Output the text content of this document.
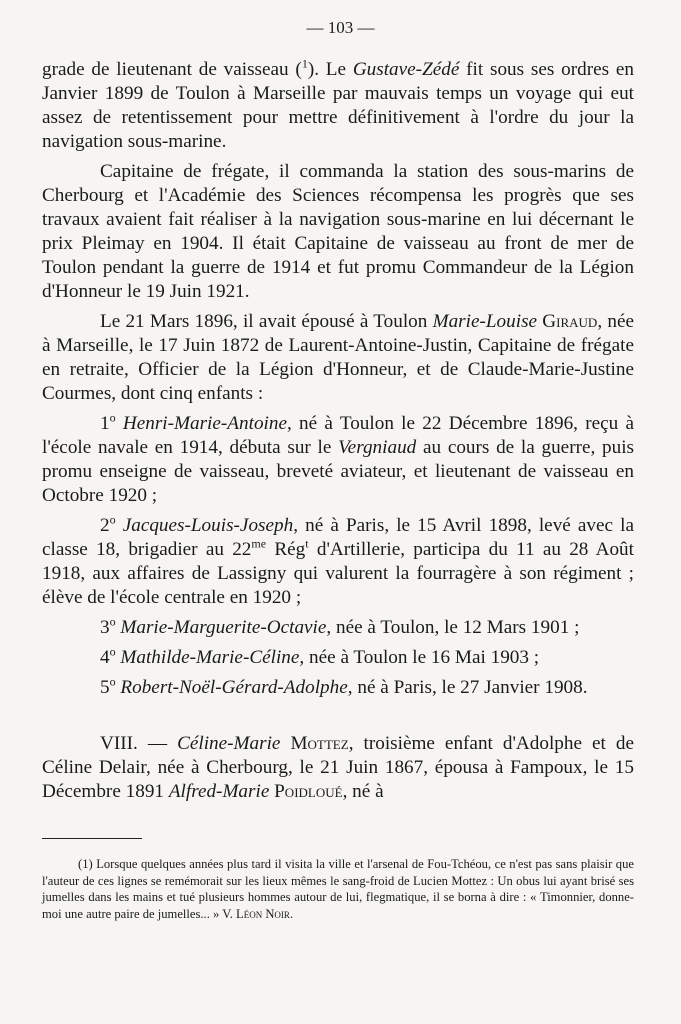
— 103 —

grade de lieutenant de vaisseau ($^1$). Le Gustave-Zédé fit sous ses ordres en Janvier 1899 de Toulon à Marseille par mauvais temps un voyage qui eut assez de retentissement pour mettre définitivement à l'ordre du jour la navigation sous-marine.

Capitaine de frégate, il commanda la station des sous-marins de Cherbourg et l'Académie des Sciences récompensa les progrès que ses travaux avaient fait réaliser à la navigation sous-marine en lui décernant le prix Pleimay en 1904. Il était Capitaine de vaisseau au front de mer de Toulon pendant la guerre de 1914 et fut promu Commandeur de la Légion d'Honneur le 19 Juin 1921.

Le 21 Mars 1896, il avait épousé à Toulon Marie-Louise Giraud, née à Marseille, le 17 Juin 1872 de Laurent-Antoine-Justin, Capitaine de frégate en retraite, Officier de la Légion d'Honneur, et de Claude-Marie-Justine Courmes, dont cinq enfants :

1$^o$ Henri-Marie-Antoine, né à Toulon le 22 Décembre 1896, reçu à l'école navale en 1914, débuta sur le Vergniaud au cours de la guerre, puis promu enseigne de vaisseau, breveté aviateur, et lieutenant de vaisseau en Octobre 1920 ;

2$^o$ Jacques-Louis-Joseph, né à Paris, le 15 Avril 1898, levé avec la classe 18, brigadier au $22^{me}$ Rég$^t$ d'Artillerie, participa du 11 au 28 Août 1918, aux affaires de Lassigny qui valurent la fourragère à son régiment ; élève de l'école centrale en 1920 ;

3$^o$ Marie-Marguerite-Octavie, née à Toulon, le 12 Mars 1901 ;

4$^o$ Mathilde-Marie-Céline, née à Toulon le 16 Mai 1903 ;

5$^o$ Robert-Noël-Gérard-Adolphe, né à Paris, le 27 Janvier 1908.

VIII. — Céline-Marie Mottez, troisième enfant d'Adolphe et de Céline Delair, née à Cherbourg, le 21 Juin 1867, épousa à Fampoux, le 15 Décembre 1891 Alfred-Marie Poidloué, né à

(1) Lorsque quelques années plus tard il visita la ville et l'arsenal de Fou-Tchéou, ce n'est pas sans plaisir que l'auteur de ces lignes se remémorait sur les lieux mêmes le sang-froid de Lucien Mottez : Un obus lui ayant brisé ses jumelles dans les mains et tué plusieurs hommes autour de lui, flegmatique, il se borna à dire : « Timonnier, donne-moi une autre paire de jumelles... » V. Léon Noir.
